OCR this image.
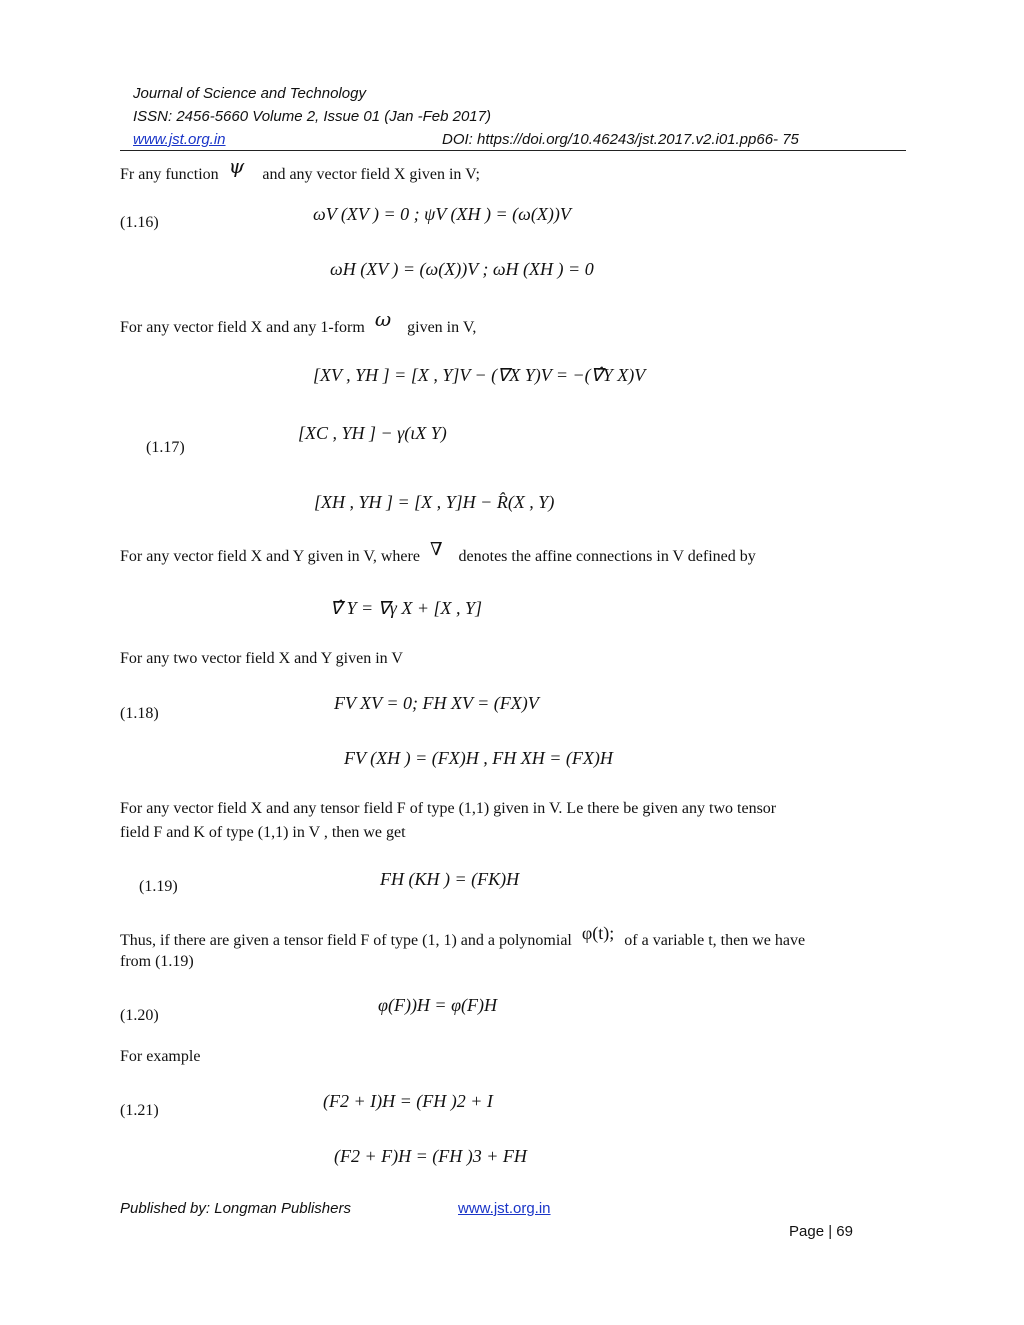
Journal of Science and Technology
ISSN: 2456-5660 Volume 2, Issue 01 (Jan -Feb 2017)
www.jst.org.in	DOI: https://doi.org/10.46243/jst.2017.v2.i01.pp66- 75
Fr any function ψ and any vector field X given in V;
(1.16)	ωV (XV ) = 0 ; ψV (XH ) = (ω(X))V
ωH (XV ) = (ω(X))V ; ωH (XH ) = 0
For any vector field X and any 1-form ω given in V,
[XV , YH ] = [X , Y]V − (∇X Y)V = −(∇̂Y X)V
[XC , YH ] − γ(ιX Y)
(1.17)
[XH , YH ] = [X , Y]H − R̂(X , Y)
For any vector field X and Y given in V, where ∇ denotes the affine connections in V defined by
∇̂ Y = ∇γ X + [X , Y]
For any two vector field X and Y given in V
FV XV = 0; FH XV = (FX)V
(1.18)
FV (XH ) = (FX)H , FH XH = (FX)H
For any vector field X and any tensor field F of type (1,1) given in V. Le there be given any two tensor
field F and K of type (1,1) in V , then we get
FH (KH ) = (FK)H
(1.19)
Thus, if there are given a tensor field F of type (1, 1) and a polynomial φ(t); of a variable t, then we have
from (1.19)
φ(F))H = φ(F)H
(1.20)
For example
(F2 + I)H = (FH )2 + I
(1.21)
(F2 + F)H = (FH )3 + FH
Published by: Longman Publishers	www.jst.org.in
Page | 69
